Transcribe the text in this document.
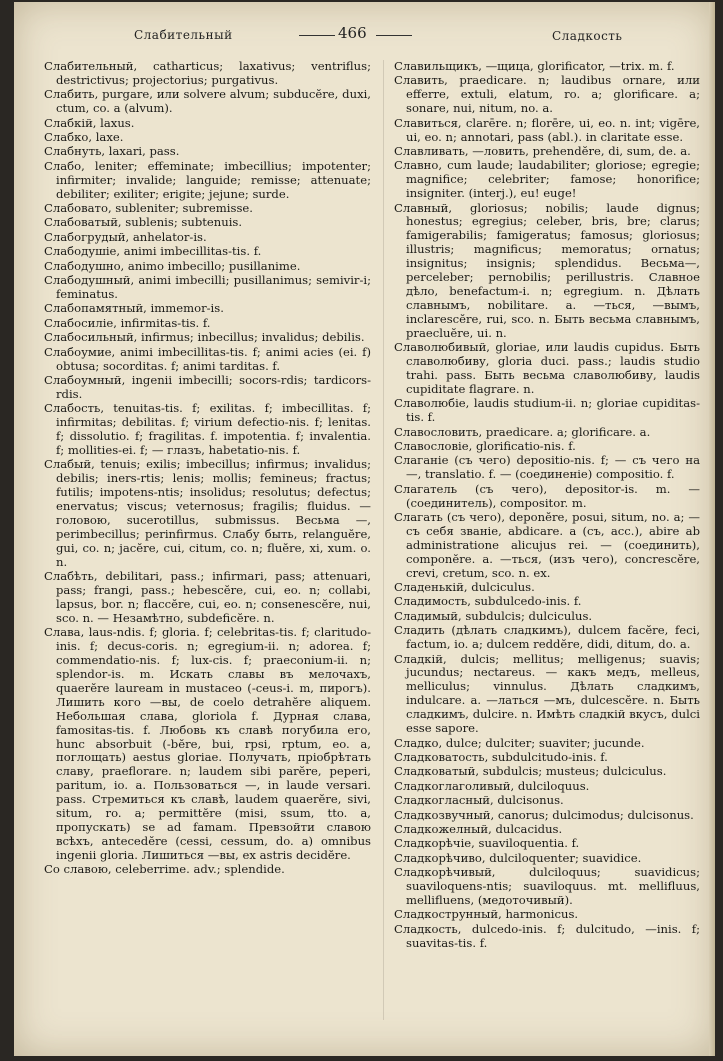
Слабительный	466	Сладкость

Слабительный, catharticus; laxativus; ventriflus; destrictivus; projectorius; purgativus.

Слабить, purgare, или solvere alvum; subducĕre, duxi, ctum, co. a (alvum).

Слабкій, laxus.

Слабко, laxe.

Слабнуть, laxari, pass.

Слабо, leniter; effeminate; imbecillius; impotenter; infirmiter; invalide; languide; remisse; attenuate; debiliter; exiliter; erigite; jejune; surde.

Слабовато, subleniter; subremisse.

Слабоватый, sublenis; subtenuis.

Слабогрудый, anhelator-is.

Слабодушіе, animi imbecillitas-tis. f.

Слабодушно, animo imbecillo; pusillanime.

Слабодушный, animi imbecilli; pusillanimus; semivir-i; feminatus.

Слабопамятный, immemor-is.

Слабосиліе, infirmitas-tis. f.

Слабосильный, infirmus; inbecillus; invalidus; debilis.

Слабоумие, animi imbecillitas-tis. f; animi acies (ei. f) obtusa; socorditas. f; animi tarditas. f.

Слабоумный, ingenii imbecilli; socors-rdis; tardicors-rdis.

Слабость, tenuitas-tis. f; exilitas. f; imbecillitas. f; infirmitas; debilitas. f; virium defectio-nis. f; lenitas. f; dissolutio. f; fragilitas. f. impotentia. f; invalentia. f; mollities-ei. f; — глазъ, habetatio-nis. f.

Слабый, tenuis; exilis; imbecillus; infirmus; invalidus; debilis; iners-rtis; lenis; mollis; femineus; fractus; futilis; impotens-ntis; insolidus; resolutus; defectus; enervatus; viscus; veternosus; fragilis; fluidus. — головою, sucerotillus, submissus. Весьма —, perimbecillus; perinfirmus. Слабу быть, relanguĕre, gui, co. n; jacĕre, cui, citum, co. n; fluĕre, xi, xum. o. n.

Слабѣть, debilitari, pass.; infirmari, pass; attenuari, pass; frangi, pass.; hebescĕre, cui, eo. n; collabi, lapsus, bor. n; flaccĕre, cui, eo. n; consenescĕre, nui, sco. n. — Незамѣтно, subdeficĕre. n.

Слава, laus-ndis. f; gloria. f; celebritas-tis. f; claritudo-inis. f; decus-coris. n; egregium-ii. n; adorea. f; commendatio-nis. f; lux-cis. f; praeconium-ii. n; splendor-is. m. Искать славы въ мелочахъ, quaerĕre lauream in mustaceo (-ceus-i. m, пирогъ). Лишить кого —вы, de coelo detrahĕre aliquem. Небольшая слава, gloriola f. Дурная слава, famositas-tis. f. Любовь къ славѣ погубила его, hunc absorbuit (-bĕre, bui, rpsi, rptum, eo. a, поглощать) aestus gloriae. Получать, пріобрѣтать славу, praeflorare. n; laudem sibi parĕre, peperi, paritum, io. a. Пользоваться —, in laude versari. pass. Стремиться къ славѣ, laudem quaerĕre, sivi, situm, ro. a; permittĕre (misi, ssum, tto. a, пропускать) se ad famam. Превзойти славою всѣхъ, antecedĕre (cessi, cessum, do. a) omnibus ingenii gloria. Лишиться —вы, ex astris decidĕre.

Со славою, celeberrime. adv.; splendide.

Славильщикъ, —щица, glorificator, —trix. m. f.

Славить, praedicare. n; laudibus ornare, или efferre, extuli, elatum, ro. a; glorificare. a; sonare, nui, nitum, no. a.

Славиться, clarēre. n; florēre, ui, eo. n. int; vigēre, ui, eo. n; annotari, pass (abl.). in claritate esse.

Славливать, —ловить, prehendĕre, di, sum, de. a.

Славно, cum laude; laudabiliter; gloriose; egregie; magnifice; celebriter; famose; honorifice; insigniter. (interj.), eu! euge!

Славный, gloriosus; nobilis; laude dignus; honestus; egregius; celeber, bris, bre; clarus; famigerabilis; famigeratus; famosus; gloriosus; illustris; magnificus; memoratus; ornatus; insignitus; insignis; splendidus. Весьма—, perceleber; pernobilis; perillustris. Славное дѣло, benefactum-i. n; egregium. n. Дѣлать славнымъ, nobilitare. a. —ться, —вымъ, inclarescĕre, rui, sco. n. Быть весьма славнымъ, praecluĕre, ui. n.

Славолюбивый, gloriae, или laudis cupidus. Быть славолюбиву, gloria duci. pass.; laudis studio trahi. pass. Быть весьма славолюбиву, laudis cupiditate flagrare. n.

Славолюбіе, laudis studium-ii. n; gloriae cupiditas-tis. f.

Славословить, praedicare. a; glorificare. a.

Славословіе, glorificatio-nis. f.

Слаганіе (съ чего) depositio-nis. f; — съ чего на —, translatio. f. — (соединеніе) compositio. f.

Слагатель (съ чего), depositor-is. m. — (соединитель), compositor. m.

Слагать (съ чего), deponĕre, posui, situm, no. a; — съ себя званіе, abdicare. a (съ, acc.), abire ab administratione alicujus rei. — (соединить), componĕre. a. —ться, (изъ чего), concrescĕre, crevi, cretum, sco. n. ex.

Сладенькій, dulciculus.

Сладимость, subdulcedo-inis. f.

Сладимый, subdulcis; dulciculus.

Сладить (дѣлать сладкимъ), dulcem facĕre, feci, factum, io. a; dulcem reddĕre, didi, ditum, do. a.

Сладкій, dulcis; mellitus; melligenus; suavis; jucundus; nectareus. — какъ медъ, melleus, melliculus; vinnulus. Дѣлать сладкимъ, indulcare. a. —латься —мъ, dulcescĕre. n. Быть сладкимъ, dulcire. n. Имѣть сладкій вкусъ, dulci esse sapore.

Сладко, dulce; dulciter; suaviter; jucunde.

Сладковатость, subdulcitudo-inis. f.

Сладковатый, subdulcis; musteus; dulciculus.

Сладкоглаголивый, dulciloquus.

Сладкогласный, dulcisonus.

Сладкозвучный, canorus; dulcimodus; dulcisonus.

Сладкожелный, dulcacidus.

Сладкорѣчіе, suaviloquentia. f.

Сладкорѣчиво, dulciloquenter; suavidice.

Сладкорѣчивый, dulciloquus; suavidicus; suaviloquens-ntis; suaviloquus. mt. mellifluus, mellifluens, (медоточивый).

Сладкострунный, harmonicus.

Сладкость, dulcedo-inis. f; dulcitudo, —inis. f; suavitas-tis. f.
